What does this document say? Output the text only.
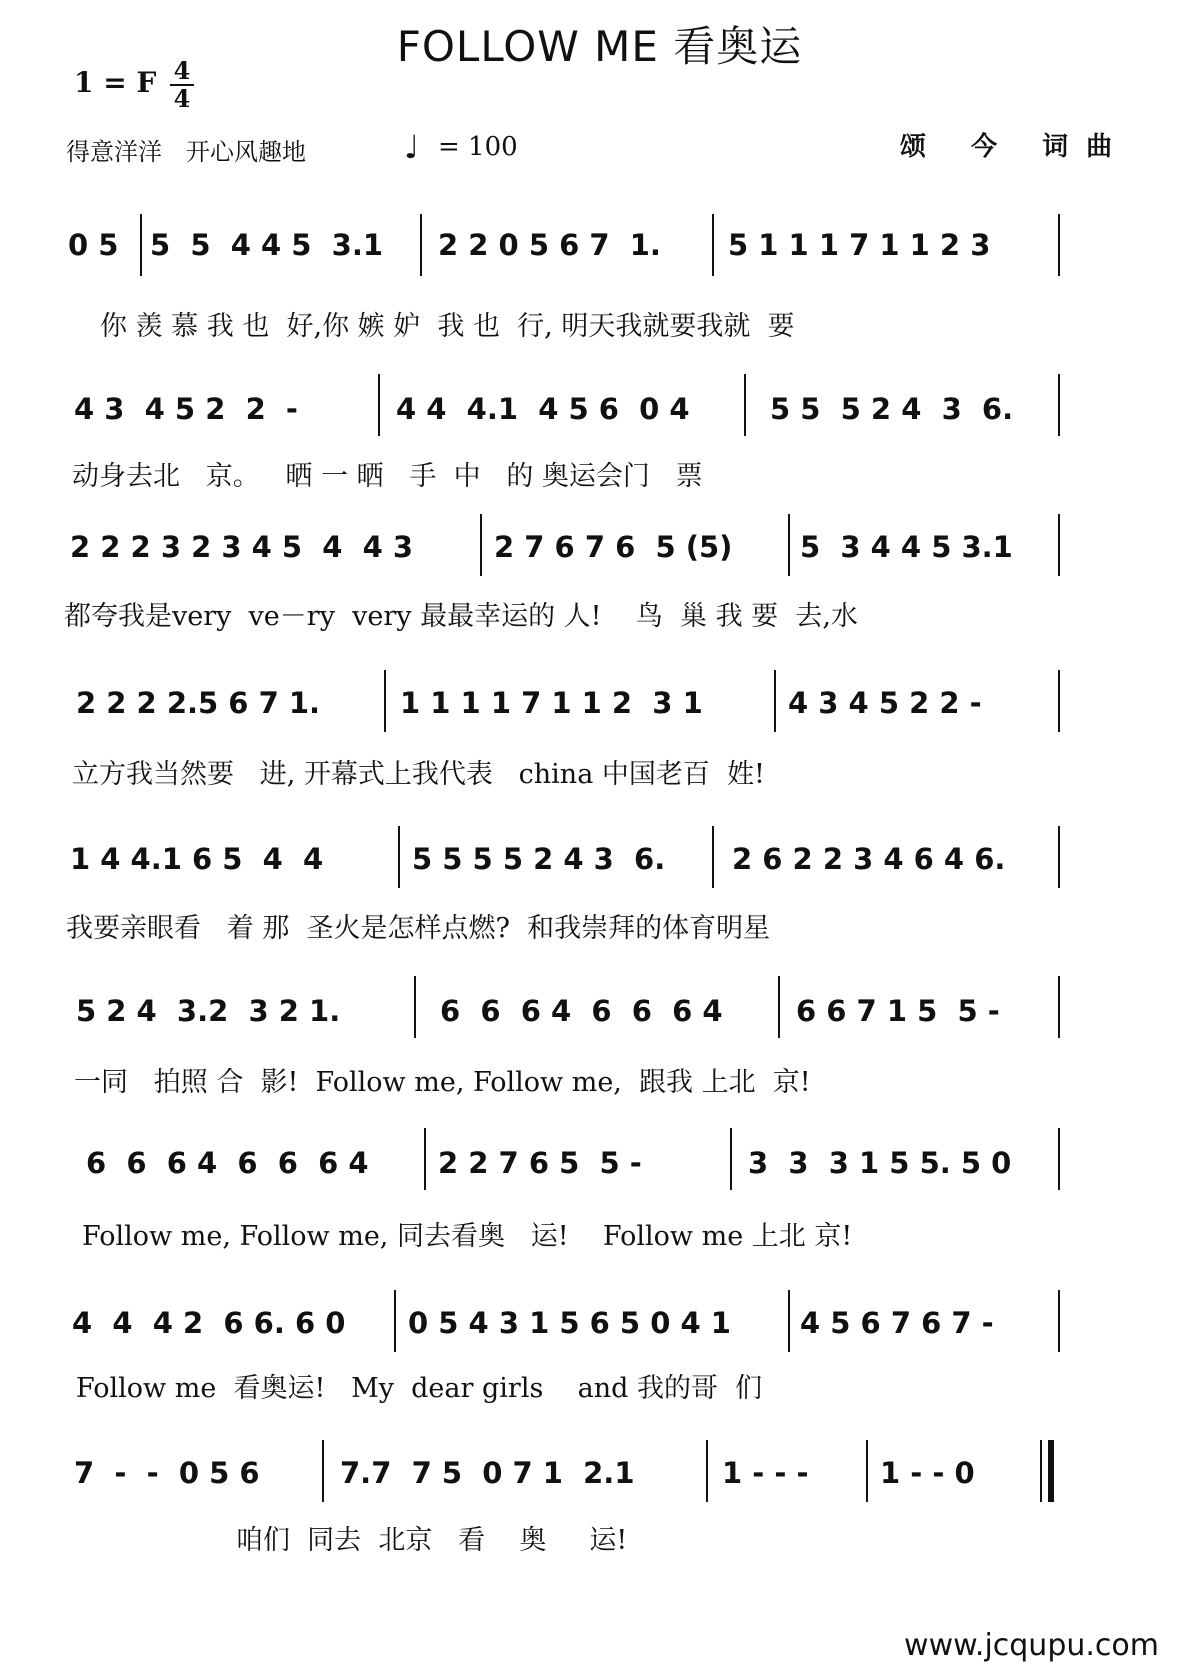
FOLLOW ME 看奥运
1 = F 4
4
得意洋洋　开心风趣地	♩ = 100	颂 今 词曲
0 5 5  5  4 4 5  3.1 2 2 0 5 6 7  1. 5 1 1 1 7 1 1 2 3
你 羡 慕 我 也  好,你 嫉 妒  我 也  行, 明天我就要我就  要
4 3  4 5 2  2  -	4 4  4.1  4 5 6  0 4	5 5  5 2 4  3  6.
动身去北   京。   晒 一 晒   手  中   的 奥运会门   票
2 2 2 3 2 3 4 5  4  4 3	2 7 6 7 6  5 (5) 5  3 4 4 5 3.1
都夸我是very  ve－ry  very 最最幸运的 人!    鸟  巢 我 要  去,水
2 2 2 2.5 6 7 1.	1 1 1 1 7 1 1 2  3 1	4 3 4 5 2 2 -
立方我当然要   进, 开幕式上我代表   china 中国老百  姓!
1 4 4.1 6 5  4  4	5 5 5 5 2 4 3  6. 2 6 2 2 3 4 6 4 6.
我要亲眼看   着 那  圣火是怎样点燃?  和我崇拜的体育明星
5 2 4  3.2  3 2 1.	6  6  6 4  6  6  6 4	6 6 7 1 5  5 -
一同   拍照 合  影!  Follow me, Follow me,  跟我 上北  京!
6  6  6 4  6  6  6 4 2 2 7 6 5  5 -	3  3  3 1 5 5. 5 0
Follow me, Follow me, 同去看奥   运!    Follow me 上北 京!
4  4  4 2  6 6. 6 0 0 5 4 3 1 5 6 5 0 4 1 4 5 6 7 6 7 -
Follow me  看奥运!   My  dear girls    and 我的哥  们
7  -  -  0 5 6	7.7  7 5  0 7 1  2.1	1 - - - 1 - - 0
咱们  同去  北京   看    奥     运!
www.jcqupu.com
